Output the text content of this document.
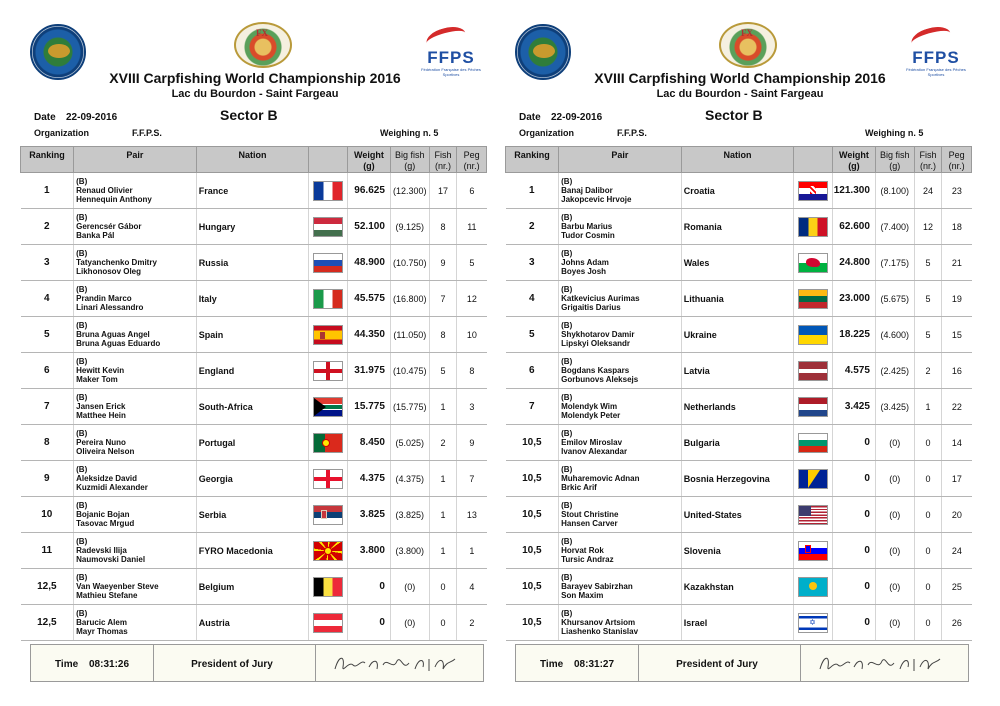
FX
FFPS
Fédération Française des Pêches Sportives
XVIII Carpfishing World Championship 2016
Lac du Bourdon - Saint Fargeau
Date 22-09-2016	Sector B
Organization	F.F.P.S.	Weighing n. 5
Ranking	Pair	Nation		Weight (g)	Big fish (g)	Fish (nr.)	Peg (nr.)
1	(B)
Renaud Olivier
Hennequin Anthony	France		96.625	(12.300)	17	6
2	(B)
Gerencsér Gábor
Banka Pál	Hungary		52.100	(9.125)	8	11
3	(B)
Tatyanchenko Dmitry
Likhonosov Oleg	Russia		48.900	(10.750)	9	5
4	(B)
Prandin Marco
Linari Alessandro	Italy		45.575	(16.800)	7	12
5	(B)
Bruna Aguas Angel
Bruna Aguas Eduardo	Spain		44.350	(11.050)	8	10
6	(B)
Hewitt Kevin
Maker Tom	England		31.975	(10.475)	5	8
7	(B)
Jansen Erick
Matthee Hein	South-Africa		15.775	(15.775)	1	3
8	(B)
Pereira Nuno
Oliveira Nelson	Portugal		8.450	(5.025)	2	9
9	(B)
Aleksidze David
Kuzmidi Alexander	Georgia		4.375	(4.375)	1	7
10	(B)
Bojanic Bojan
Tasovac Mrgud	Serbia		3.825	(3.825)	1	13
11	(B)
Radevski Ilija
Naumovski Daniel	FYRO Macedonia		3.800	(3.800)	1	1
12,5	(B)
Van Waeyenber Steve
Mathieu Stefane	Belgium		0	(0)	0	4
12,5	(B)
Barucic Alem
Mayr Thomas	Austria		0	(0)	0	2
Time 08:31:26	President of Jury
FX
FFPS
Fédération Française des Pêches Sportives
XVIII Carpfishing World Championship 2016
Lac du Bourdon - Saint Fargeau
Date 22-09-2016	Sector B
Organization	F.F.P.S.	Weighing n. 5
Ranking	Pair	Nation		Weight (g)	Big fish (g)	Fish (nr.)	Peg (nr.)
1	(B)
Banaj Dalibor
Jakopcevic Hrvoje	Croatia		121.300	(8.100)	24	23
2	(B)
Barbu Marius
Tudor Cosmin	Romania		62.600	(7.400)	12	18
3	(B)
Johns Adam
Boyes Josh	Wales		24.800	(7.175)	5	21
4	(B)
Katkevicius Aurimas
Grigaitis Darius	Lithuania		23.000	(5.675)	5	19
5	(B)
Shykhotarov Damir
Lipskyi Oleksandr	Ukraine		18.225	(4.600)	5	15
6	(B)
Bogdans Kaspars
Gorbunovs Aleksejs	Latvia		4.575	(2.425)	2	16
7	(B)
Molendyk Wim
Molendyk Peter	Netherlands		3.425	(3.425)	1	22
10,5	(B)
Emilov Miroslav
Ivanov Alexandar	Bulgaria		0	(0)	0	14
10,5	(B)
Muharemovic Adnan
Brkic Arif	Bosnia Herzegovina		0	(0)	0	17
10,5	(B)
Stout Christine
Hansen Carver	United-States		0	(0)	0	20
10,5	(B)
Horvat Rok
Tursic Andraz	Slovenia		0	(0)	0	24
10,5	(B)
Barayev Sabirzhan
Son Maxim	Kazakhstan		0	(0)	0	25
10,5	(B)
Khursanov Artsiom
Liashenko Stanislav	Israel	✡	0	(0)	0	26
Time 08:31:27	President of Jury
